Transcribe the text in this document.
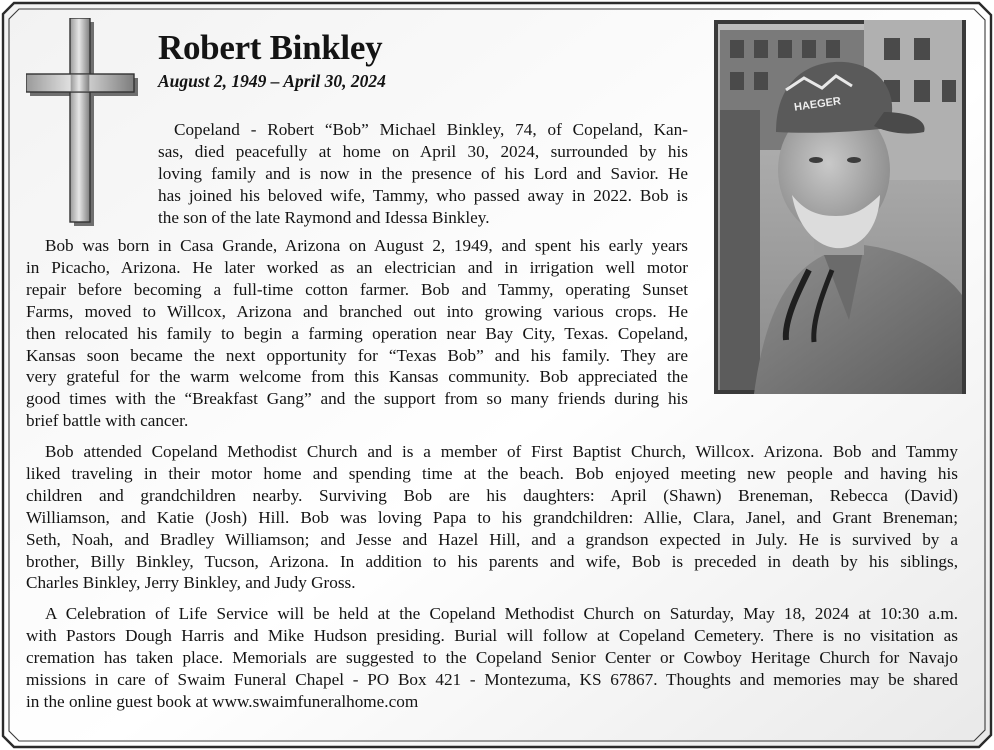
Robert Binkley
August 2, 1949 – April 30, 2024
HAEGER
Copeland - Robert “Bob” Michael Binkley, 74, of Copeland, Kan-
sas, died peacefully at home on April 30, 2024, surrounded by his
loving family and is now in the presence of his Lord and Savior. He
has joined his beloved wife, Tammy, who passed away in 2022. Bob is
the son of the late Raymond and Idessa Binkley.
Bob was born in Casa Grande, Arizona on August 2, 1949, and spent his early years
in Picacho, Arizona. He later worked as an electrician and in irrigation well motor
repair before becoming a full-time cotton farmer. Bob and Tammy, operating Sunset
Farms, moved to Willcox, Arizona and branched out into growing various crops. He
then relocated his family to begin a farming operation near Bay City, Texas. Copeland,
Kansas soon became the next opportunity for “Texas Bob” and his family. They are
very grateful for the warm welcome from this Kansas community. Bob appreciated the
good times with the “Breakfast Gang” and the support from so many friends during his
brief battle with cancer.
Bob attended Copeland Methodist Church and is a member of First Baptist Church, Willcox. Arizona. Bob and Tammy
liked traveling in their motor home and spending time at the beach. Bob enjoyed meeting new people and having his
children and grandchildren nearby. Surviving Bob are his daughters: April (Shawn) Breneman, Rebecca (David)
Williamson, and Katie (Josh) Hill. Bob was loving Papa to his grandchildren: Allie, Clara, Janel, and Grant Breneman;
Seth, Noah, and Bradley Williamson; and Jesse and Hazel Hill, and a grandson expected in July. He is survived by a
brother, Billy Binkley, Tucson, Arizona. In addition to his parents and wife, Bob is preceded in death by his siblings,
Charles Binkley, Jerry Binkley, and Judy Gross.
A Celebration of Life Service will be held at the Copeland Methodist Church on Saturday, May 18, 2024 at 10:30 a.m.
with Pastors Dough Harris and Mike Hudson presiding. Burial will follow at Copeland Cemetery. There is no visitation as
cremation has taken place. Memorials are suggested to the Copeland Senior Center or Cowboy Heritage Church for Navajo
missions in care of Swaim Funeral Chapel - PO Box 421 - Montezuma, KS 67867. Thoughts and memories may be shared
in the online guest book at www.swaimfuneralhome.com
